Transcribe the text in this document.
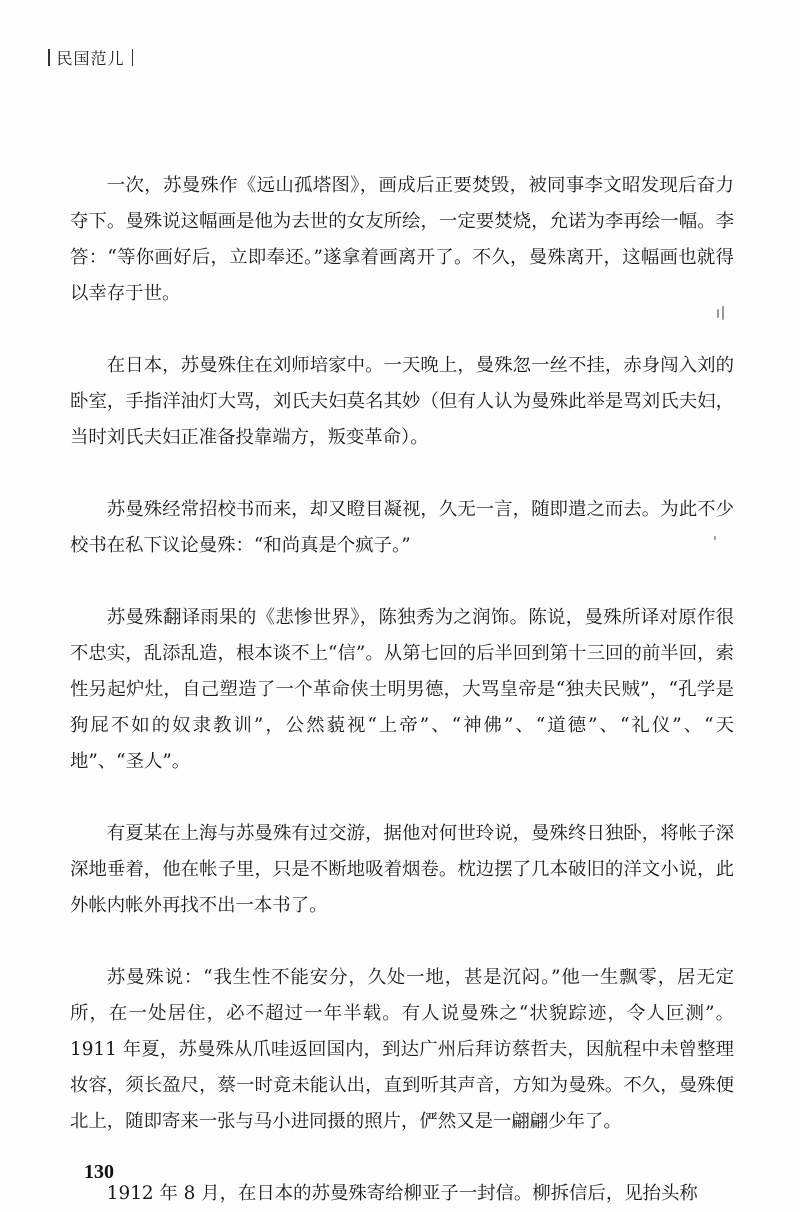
民国范儿

一次，苏曼殊作《远山孤塔图》，画成后正要焚毁，被同事李文昭发现后奋力夺下。曼殊说这幅画是他为去世的女友所绘，一定要焚烧，允诺为李再绘一幅。李答：“等你画好后，立即奉还。”遂拿着画离开了。不久，曼殊离开，这幅画也就得以幸存于世。

在日本，苏曼殊住在刘师培家中。一天晚上，曼殊忽一丝不挂，赤身闯入刘的卧室，手指洋油灯大骂，刘氏夫妇莫名其妙（但有人认为曼殊此举是骂刘氏夫妇，当时刘氏夫妇正准备投靠端方，叛变革命）。

苏曼殊经常招校书而来，却又瞪目凝视，久无一言，随即遣之而去。为此不少校书在私下议论曼殊：“和尚真是个疯子。”

苏曼殊翻译雨果的《悲惨世界》，陈独秀为之润饰。陈说，曼殊所译对原作很不忠实，乱添乱造，根本谈不上“信”。从第七回的后半回到第十三回的前半回，索性另起炉灶，自己塑造了一个革命侠士明男德，大骂皇帝是“独夫民贼”，“孔学是狗屁不如的奴隶教训”，公然藐视“上帝”、“神佛”、“道德”、“礼仪”、“天地”、“圣人”。

有夏某在上海与苏曼殊有过交游，据他对何世玲说，曼殊终日独卧，将帐子深深地垂着，他在帐子里，只是不断地吸着烟卷。枕边摆了几本破旧的洋文小说，此外帐内帐外再找不出一本书了。

苏曼殊说：“我生性不能安分，久处一地，甚是沉闷。”他一生飘零，居无定所，在一处居住，必不超过一年半载。有人说曼殊之“状貌踪迹，令人叵测”。1911 年夏，苏曼殊从爪哇返回国内，到达广州后拜访蔡哲夫，因航程中未曾整理妆容，须长盈尺，蔡一时竟未能认出，直到听其声音，方知为曼殊。不久，曼殊便北上，随即寄来一张与马小进同摄的照片，俨然又是一翩翩少年了。

1912 年 8 月，在日本的苏曼殊寄给柳亚子一封信。柳拆信后，见抬头称

130
